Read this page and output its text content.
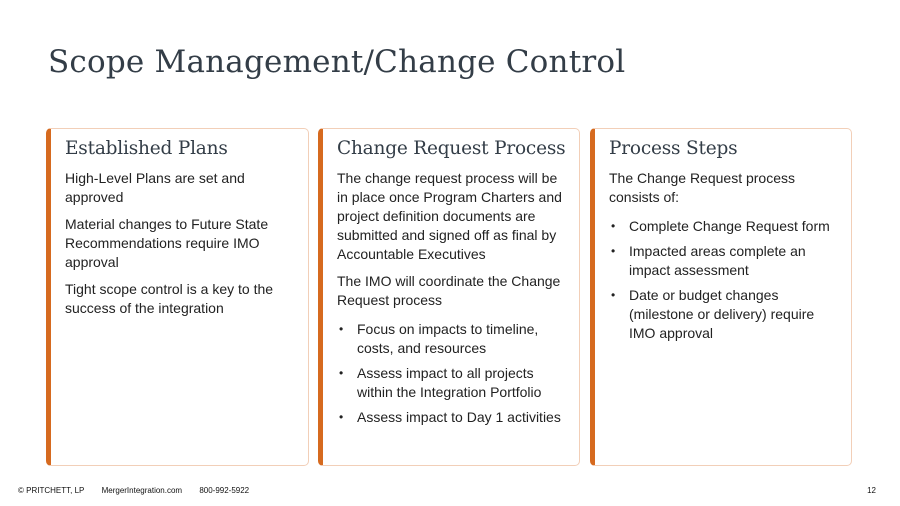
Scope Management/Change Control
Established Plans

High-Level Plans are set and approved

Material changes to Future State Recommendations require IMO approval

Tight scope control is a key to the success of the integration

Change Request Process

The change request process will be in place once Program Charters and project definition documents are submitted and signed off as final by Accountable Executives

The IMO will coordinate the Change Request process

• Focus on impacts to timeline, costs, and resources
• Assess impact to all projects within the Integration Portfolio
• Assess impact to Day 1 activities
Process Steps

The Change Request process consists of:

• Complete Change Request form
• Impacted areas complete an impact assessment
• Date or budget changes (milestone or delivery) require IMO approval
© PRITCHETT, LP MergerIntegration.com 800-992-5922	12
